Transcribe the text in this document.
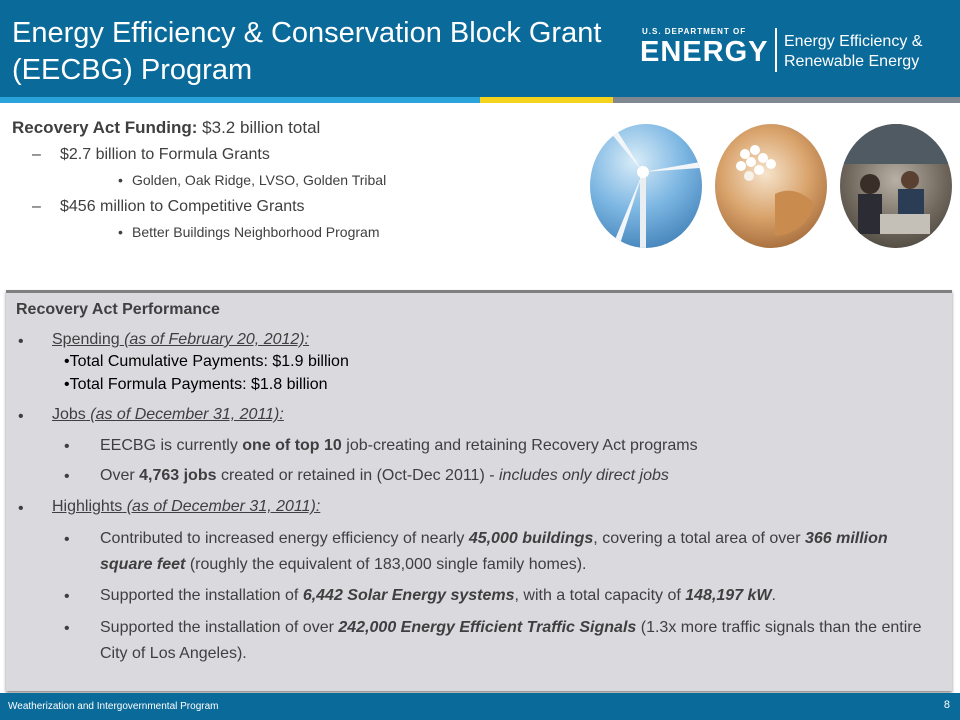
Energy Efficiency & Conservation Block Grant (EECBG) Program
U.S. DEPARTMENT OF
ENERGY Energy Efficiency &
Renewable Energy
Recovery Act Funding: $3.2 billion total
– $2.7 billion to Formula Grants
• Golden, Oak Ridge, LVSO, Golden Tribal
– $456 million to Competitive Grants
• Better Buildings Neighborhood Program
Recovery Act Performance
• Spending (as of February 20, 2012):
•Total Cumulative Payments: $1.9 billion
•Total Formula Payments: $1.8 billion
• Jobs (as of December 31, 2011):
• EECBG is currently one of top 10 job-creating and retaining Recovery Act programs
• Over 4,763 jobs created or retained in (Oct-Dec 2011) - includes only direct jobs
• Highlights (as of December 31, 2011):
• Contributed to increased energy efficiency of nearly 45,000 buildings, covering a total area of over 366 million square feet (roughly the equivalent of 183,000 single family homes).
• Supported the installation of 6,442 Solar Energy systems, with a total capacity of 148,197 kW.
• Supported the installation of over 242,000 Energy Efficient Traffic Signals (1.3x more traffic signals than the entire City of Los Angeles).
Weatherization and Intergovernmental Program	8
